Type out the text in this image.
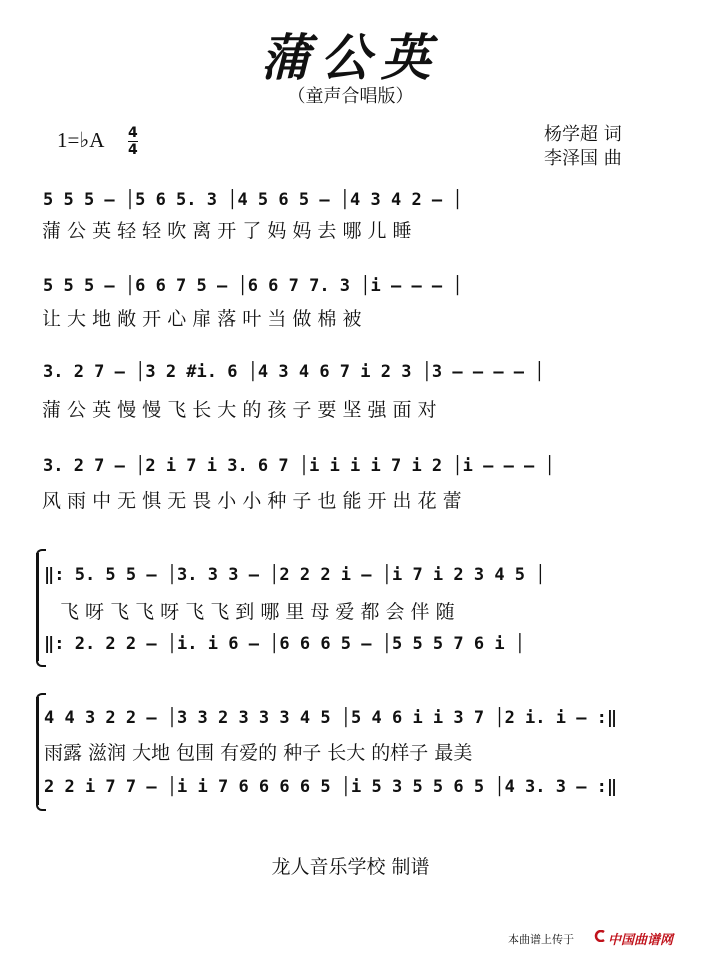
蒲公英
（童声合唱版）
1=♭A 4
4
杨学超 词
李泽国 曲
5 5 5 – │5 6 5. 3 │4 5 6 5 – │4 3 4 2 – │
蒲 公 英 轻 轻 吹 离 开 了 妈 妈 去 哪 儿 睡
5 5 5 – │6 6 7 5 – │6 6 7 7. 3 │i – – – │
让 大 地 敞 开 心 扉 落 叶 当 做 棉 被
3. 2 7 – │3 2 #i. 6 │4 3 4 6 7 i 2 3 │3 – – – – │
蒲 公 英 慢 慢 飞 长 大 的 孩 子 要 坚 强 面 对
3. 2 7 – │2 i 7 i 3. 6 7 │i i i i 7 i 2 │i – – – │
风 雨 中 无 惧 无 畏 小 小 种 子 也 能 开 出 花 蕾
‖: 5. 5 5 – │3. 3 3 – │2 2 2 i – │i 7 i 2 3 4 5 │
飞 呀 飞 飞 呀 飞 飞 到 哪 里 母 爱 都 会 伴 随
‖: 2. 2 2 – │i. i 6 – │6 6 6 5 – │5 5 5 7 6 i │
4 4 3 2 2 – │3 3 2 3 3 3 4 5 │5 4 6 i i 3 7 │2 i. i – :‖
雨露 滋润 大地 包围 有爱的 种子 长大 的样子 最美
2 2 i 7 7 – │i i 7 6 6 6 6 5 │i 5 3 5 5 6 5 │4 3. 3 – :‖
龙人音乐学校 制谱
本曲谱上传于	中国曲谱网
